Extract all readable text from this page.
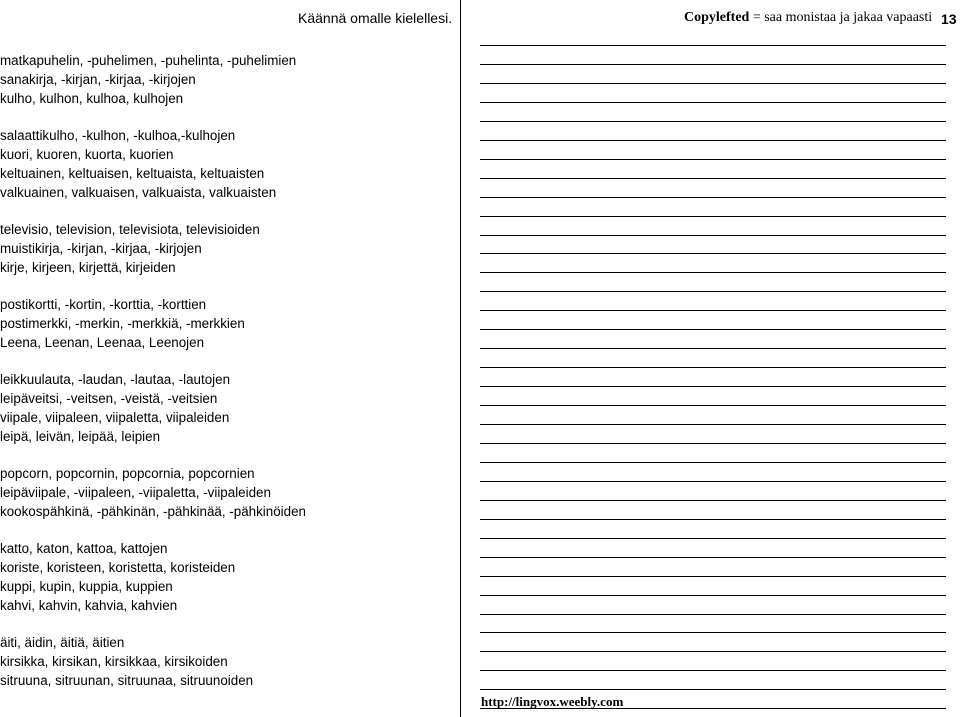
Käännä omalle kielellesi.	Copylefted = saa monistaa ja jakaa vapaasti 13
matkapuhelin, -puhelimen, -puhelinta, -puhelimien
sanakirja, -kirjan, -kirjaa, -kirjojen
kulho, kulhon, kulhoa, kulhojen
salaattikulho, -kulhon, -kulhoa,-kulhojen
kuori, kuoren, kuorta, kuorien
keltuainen, keltuaisen, keltuaista, keltuaisten
valkuainen, valkuaisen, valkuaista, valkuaisten
televisio, television, televisiota, televisioiden
muistikirja, -kirjan, -kirjaa, -kirjojen
kirje, kirjeen, kirjettä, kirjeiden
postikortti, -kortin, -korttia, -korttien
postimerkki, -merkin, -merkkiä, -merkkien
Leena, Leenan, Leenaa, Leenojen
leikkuulauta, -laudan, -lautaa, -lautojen
leipäveitsi, -veitsen, -veistä, -veitsien
viipale, viipaleen, viipaletta, viipaleiden
leipä, leivän, leipää, leipien
popcorn, popcornin, popcornia, popcornien
leipäviipale, -viipaleen, -viipaletta, -viipaleiden
kookospähkinä, -pähkinän, -pähkinää, -pähkinöiden
katto, katon, kattoa, kattojen
koriste, koristeen, koristetta, koristeiden
kuppi, kupin, kuppia, kuppien
kahvi, kahvin, kahvia, kahvien
äiti, äidin, äitiä, äitien
kirsikka, kirsikan, kirsikkaa, kirsikoiden
sitruuna, sitruunan, sitruunaa, sitruunoiden
http://lingvox.weebly.com
